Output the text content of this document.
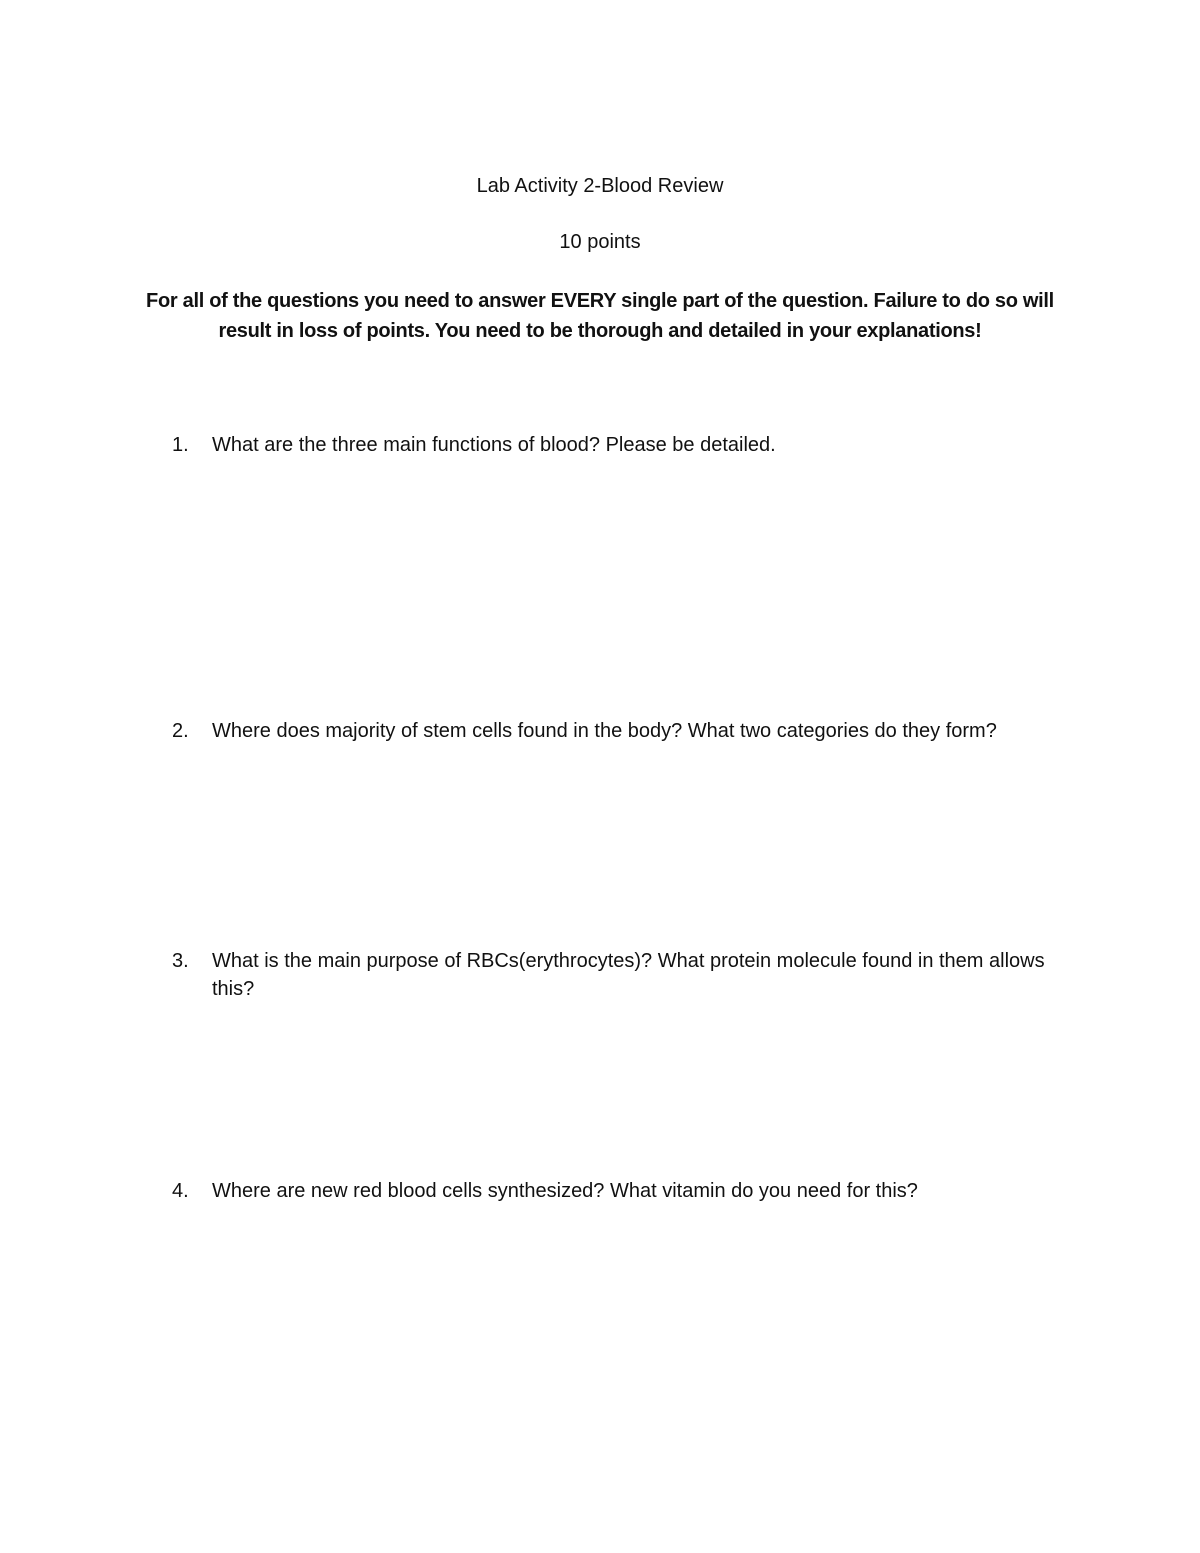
Lab Activity 2-Blood Review
10 points
For all of the questions you need to answer EVERY single part of the question. Failure to do so will result in loss of points. You need to be thorough and detailed in your explanations!
1.	What are the three main functions of blood? Please be detailed.
2.	Where does majority of stem cells found in the body? What two categories do they form?
3.	What is the main purpose of RBCs(erythrocytes)? What protein molecule found in them allows this?
4.	Where are new red blood cells synthesized? What vitamin do you need for this?
